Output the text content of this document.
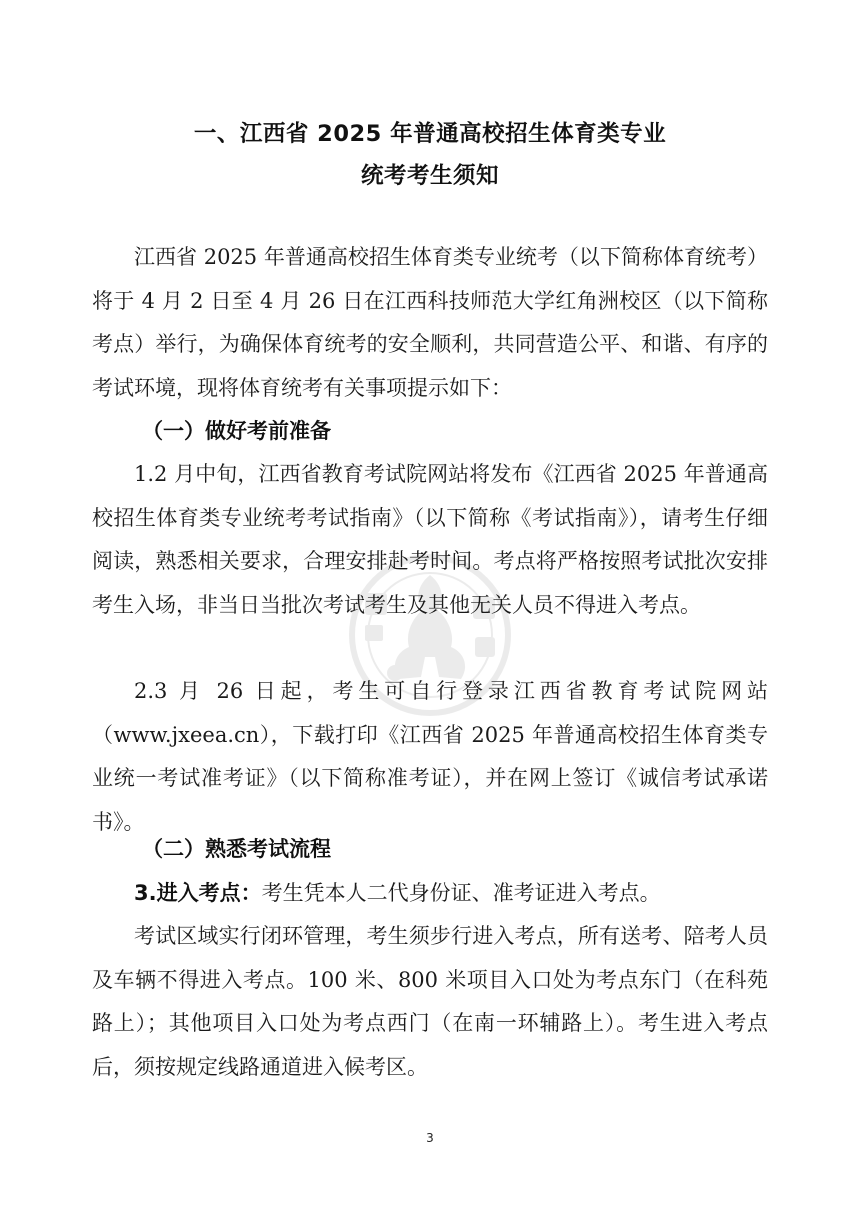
一、江西省 2025 年普通高校招生体育类专业
统考考生须知

江西省 2025 年普通高校招生体育类专业统考（以下简称体育统考）将于 4 月 2 日至 4 月 26 日在江西科技师范大学红角洲校区（以下简称考点）举行，为确保体育统考的安全顺利，共同营造公平、和谐、有序的考试环境，现将体育统考有关事项提示如下：

（一）做好考前准备

1.2 月中旬，江西省教育考试院网站将发布《江西省 2025 年普通高校招生体育类专业统考考试指南》（以下简称《考试指南》），请考生仔细阅读，熟悉相关要求，合理安排赴考时间。考点将严格按照考试批次安排考生入场，非当日当批次考试考生及其他无关人员不得进入考点。

2.3 月 26 日起，考生可自行登录江西省教育考试院网站（www.jxeea.cn），下载打印《江西省 2025 年普通高校招生体育类专业统一考试准考证》（以下简称准考证），并在网上签订《诚信考试承诺书》。

（二）熟悉考试流程

3.进入考点：考生凭本人二代身份证、准考证进入考点。

考试区域实行闭环管理，考生须步行进入考点，所有送考、陪考人员及车辆不得进入考点。100 米、800 米项目入口处为考点东门（在科苑路上）；其他项目入口处为考点西门（在南一环辅路上）。考生进入考点后，须按规定线路通道进入候考区。

3
